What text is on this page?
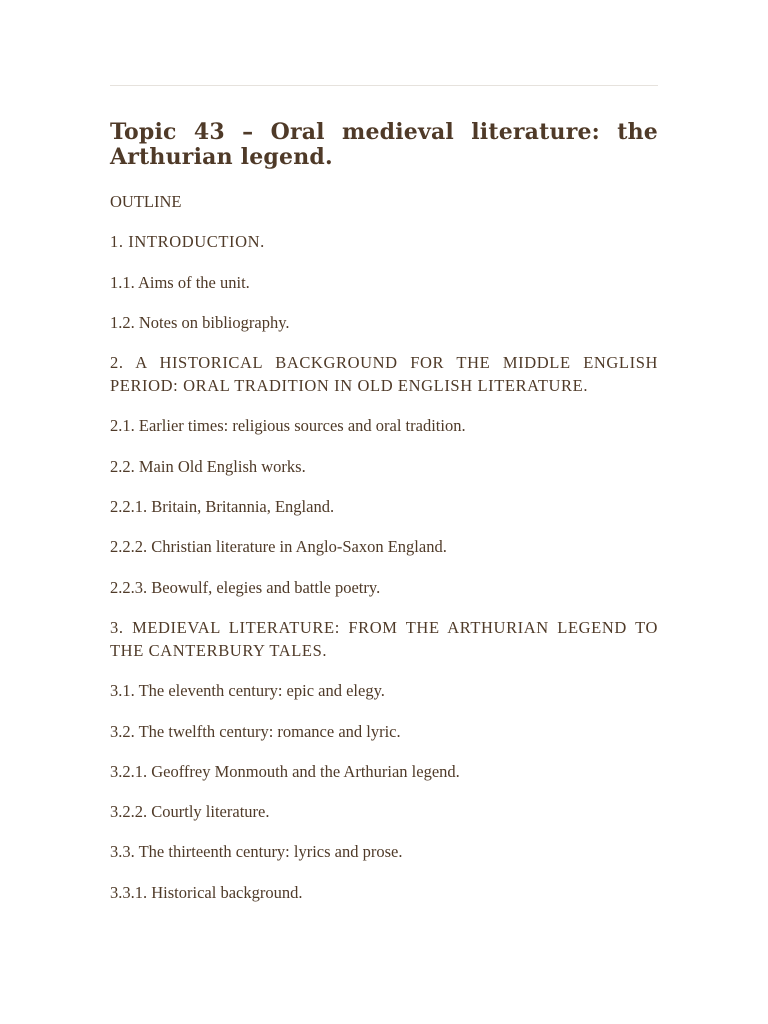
Topic 43 – Oral medieval literature: the Arthurian legend.
OUTLINE
1. INTRODUCTION.
1.1. Aims of the unit.
1.2. Notes on bibliography.
2. A HISTORICAL BACKGROUND FOR THE MIDDLE ENGLISH PERIOD: ORAL TRADITION IN OLD ENGLISH LITERATURE.
2.1. Earlier times: religious sources and oral tradition.
2.2. Main Old English works.
2.2.1. Britain, Britannia, England.
2.2.2. Christian literature in Anglo-Saxon England.
2.2.3. Beowulf, elegies and battle poetry.
3. MEDIEVAL LITERATURE: FROM THE ARTHURIAN LEGEND TO THE CANTERBURY TALES.
3.1. The eleventh century: epic and elegy.
3.2. The twelfth century: romance and lyric.
3.2.1. Geoffrey Monmouth and the Arthurian legend.
3.2.2. Courtly literature.
3.3. The thirteenth century: lyrics and prose.
3.3.1. Historical background.
